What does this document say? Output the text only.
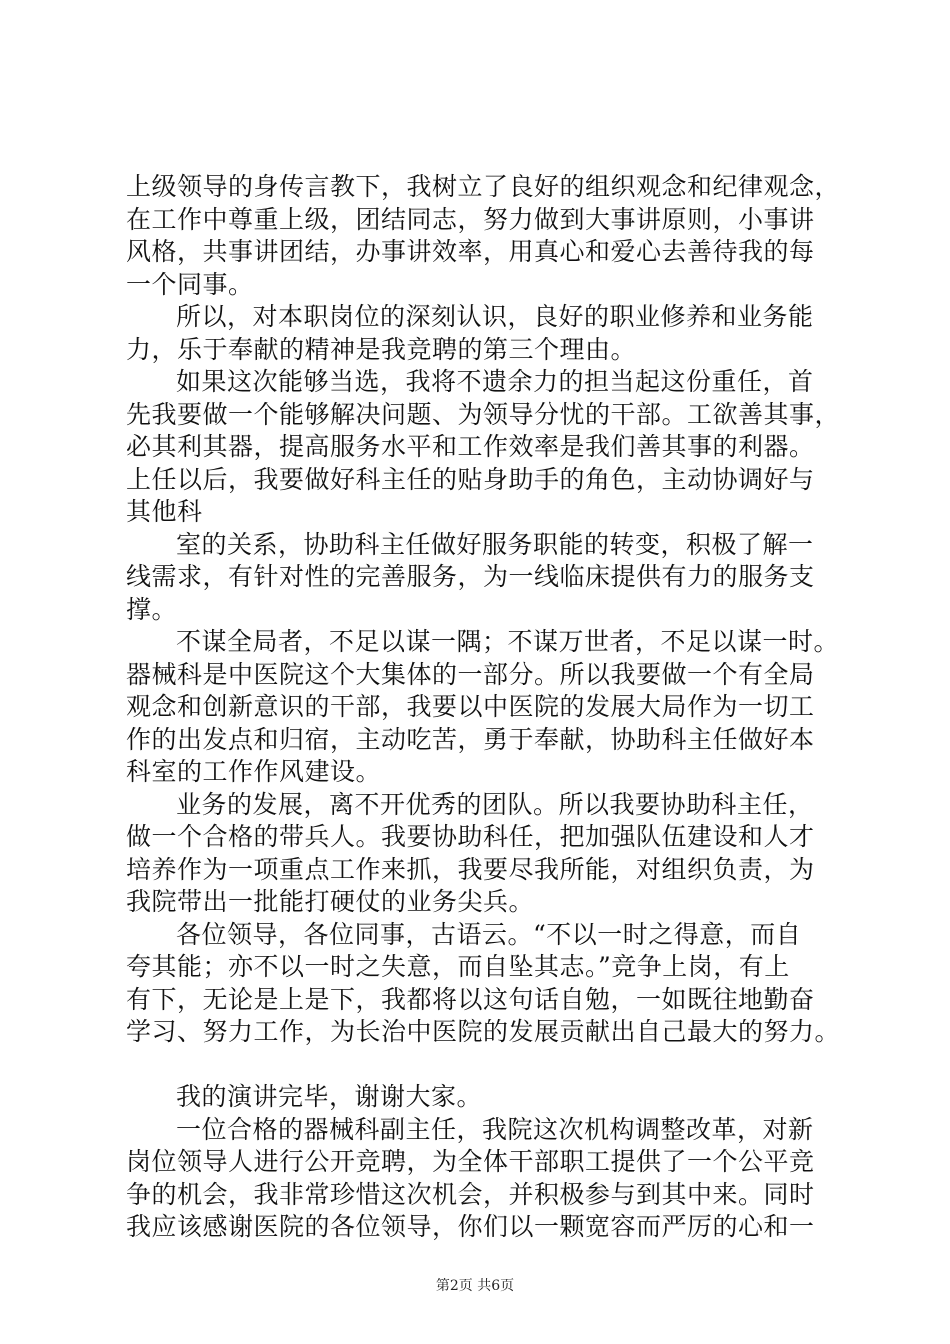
上级领导的身传言教下，我树立了良好的组织观念和纪律观念，
在工作中尊重上级，团结同志，努力做到大事讲原则，小事讲
风格，共事讲团结，办事讲效率，用真心和爱心去善待我的每
一个同事。
所以，对本职岗位的深刻认识，良好的职业修养和业务能
力，乐于奉献的精神是我竞聘的第三个理由。
如果这次能够当选，我将不遗余力的担当起这份重任，首
先我要做一个能够解决问题、为领导分忧的干部。工欲善其事，
必其利其器，提高服务水平和工作效率是我们善其事的利器。
上任以后，我要做好科主任的贴身助手的角色，主动协调好与
其他科
室的关系，协助科主任做好服务职能的转变，积极了解一
线需求，有针对性的完善服务，为一线临床提供有力的服务支
撑。
不谋全局者，不足以谋一隅；不谋万世者，不足以谋一时。
器械科是中医院这个大集体的一部分。所以我要做一个有全局
观念和创新意识的干部，我要以中医院的发展大局作为一切工
作的出发点和归宿，主动吃苦，勇于奉献，协助科主任做好本
科室的工作作风建设。
业务的发展，离不开优秀的团队。所以我要协助科主任，
做一个合格的带兵人。我要协助科任，把加强队伍建设和人才
培养作为一项重点工作来抓，我要尽我所能，对组织负责，为
我院带出一批能打硬仗的业务尖兵。
各位领导，各位同事，古语云。“不以一时之得意，而自
夸其能；亦不以一时之失意，而自坠其志。”竞争上岗，有上
有下，无论是上是下，我都将以这句话自勉，一如既往地勤奋
学习、努力工作，为长治中医院的发展贡献出自己最大的努力。
我的演讲完毕，谢谢大家。
一位合格的器械科副主任，我院这次机构调整改革，对新
岗位领导人进行公开竞聘，为全体干部职工提供了一个公平竞
争的机会，我非常珍惜这次机会，并积极参与到其中来。同时
我应该感谢医院的各位领导，你们以一颗宽容而严厉的心和一
第2页 共6页
